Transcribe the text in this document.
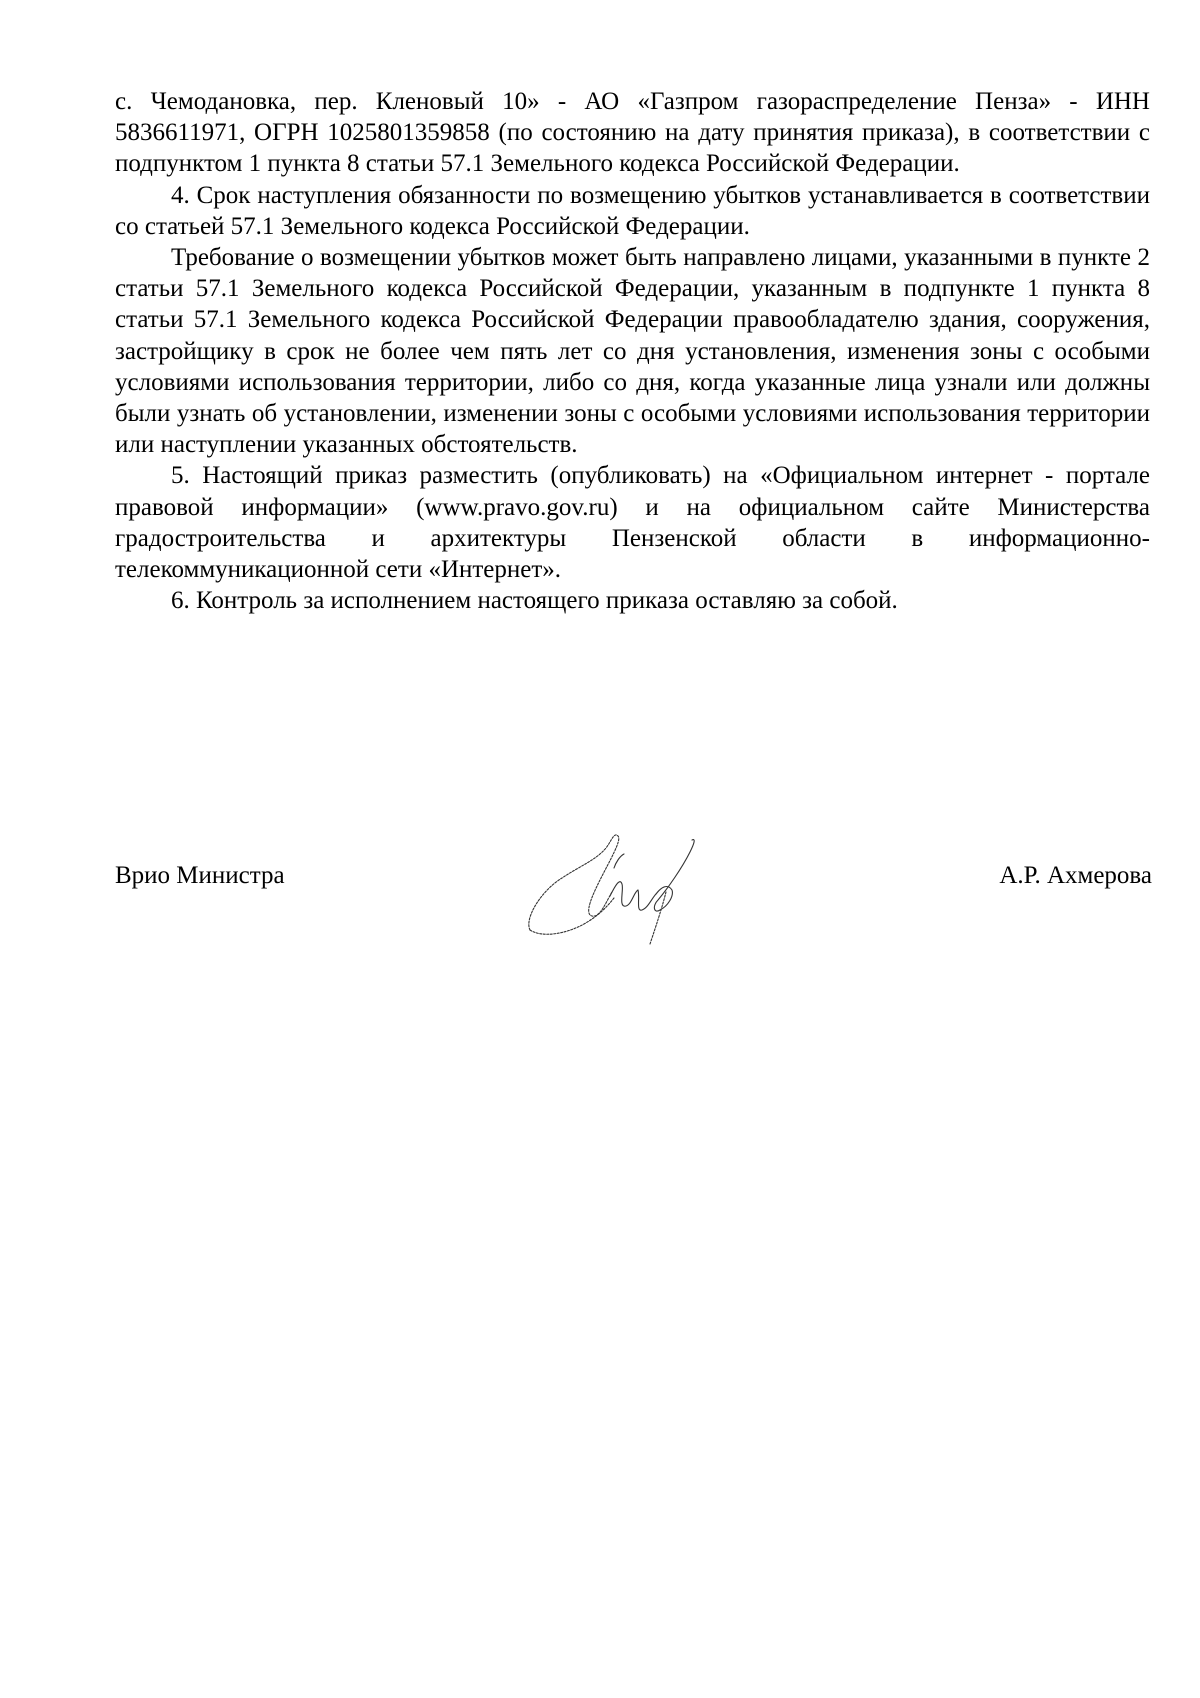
с. Чемодановка, пер. Кленовый 10» - АО «Газпром газораспределение Пенза» - ИНН 5836611971, ОГРН 1025801359858 (по состоянию на дату принятия приказа), в соответствии с подпунктом 1 пункта 8 статьи 57.1 Земельного кодекса Российской Федерации.

4. Срок наступления обязанности по возмещению убытков устанавливается в соответствии со статьей 57.1 Земельного кодекса Российской Федерации.

Требование о возмещении убытков может быть направлено лицами, указанными в пункте 2 статьи 57.1 Земельного кодекса Российской Федерации, указанным в подпункте 1 пункта 8 статьи 57.1 Земельного кодекса Российской Федерации правообладателю здания, сооружения, застройщику в срок не более чем пять лет со дня установления, изменения зоны с особыми условиями использования территории, либо со дня, когда указанные лица узнали или должны были узнать об установлении, изменении зоны с особыми условиями использования территории или наступлении указанных обстоятельств.

5. Настоящий приказ разместить (опубликовать) на «Официальном интернет - портале правовой информации» (www.pravo.gov.ru) и на официальном сайте Министерства градостроительства и архитектуры Пензенской области в информационно-телекоммуникационной сети «Интернет».

6. Контроль за исполнением настоящего приказа оставляю за собой.

Врио Министра	А.Р. Ахмерова
